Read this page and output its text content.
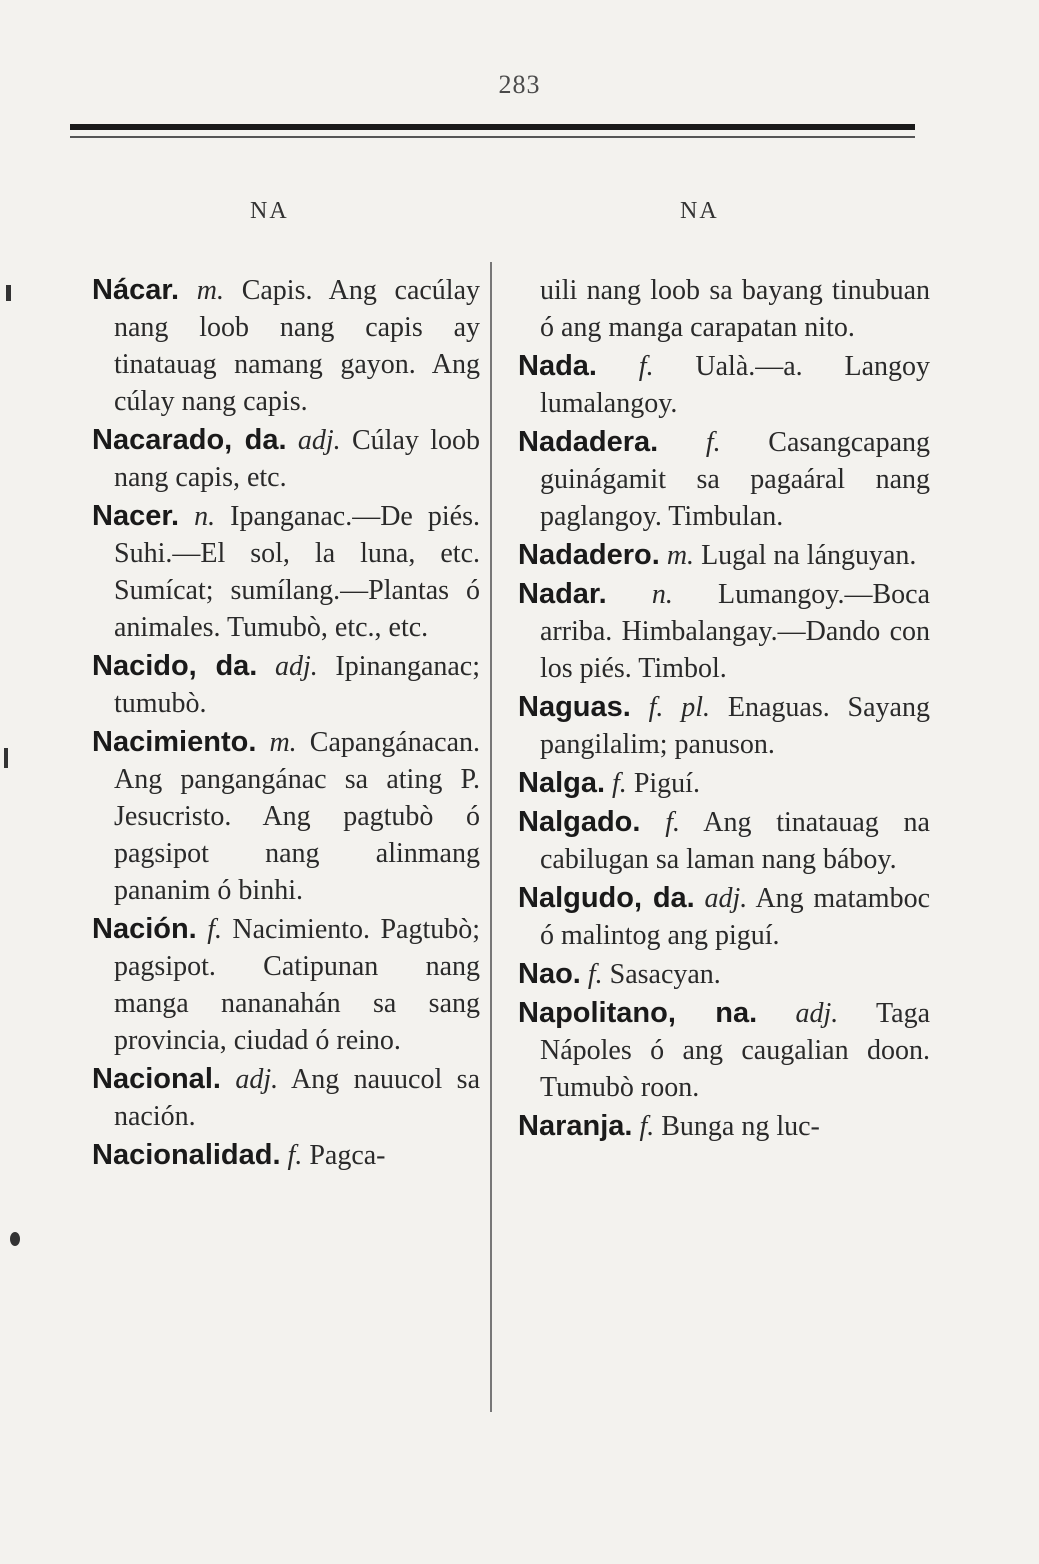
283
NA	NA
Nácar. m. Capis. Ang cacúlay nang loob nang capis ay tinatauag namang gayon. Ang cúlay nang capis.
Nacarado, da. adj. Cúlay loob nang capis, etc.
Nacer. n. Ipanganac.—De piés. Suhi.—El sol, la luna, etc. Sumícat; sumílang.—Plantas ó animales. Tumubò, etc., etc.
Nacido, da. adj. Ipinanganac; tumubò.
Nacimiento. m. Capangánacan. Ang pangangánac sa ating P. Jesucristo. Ang pagtubò ó pagsipot nang alinmang pananim ó binhi.
Nación. f. Nacimiento. Pagtubò; pagsipot. Catipunan nang manga nananahán sa sang provincia, ciudad ó reino.
Nacional. adj. Ang nauucol sa nación.
Nacionalidad. f. Pagca-
uili nang loob sa bayang tinubuan ó ang manga carapatan nito.
Nada. f. Ualà.—a. Langoy lumalangoy.
Nadadera. f. Casangcapang guinágamit sa pagaáral nang paglangoy. Timbulan.
Nadadero. m. Lugal na lánguyan.
Nadar. n. Lumangoy.—Boca arriba. Himbalangay.—Dando con los piés. Timbol.
Naguas. f. pl. Enaguas. Sayang pangilalim; panuson.
Nalga. f. Piguí.
Nalgado. f. Ang tinatauag na cabilugan sa laman nang báboy.
Nalgudo, da. adj. Ang matamboc ó malintog ang piguí.
Nao. f. Sasacyan.
Napolitano, na. adj. Taga Nápoles ó ang caugalian doon. Tumubò roon.
Naranja. f. Bunga ng luc-
